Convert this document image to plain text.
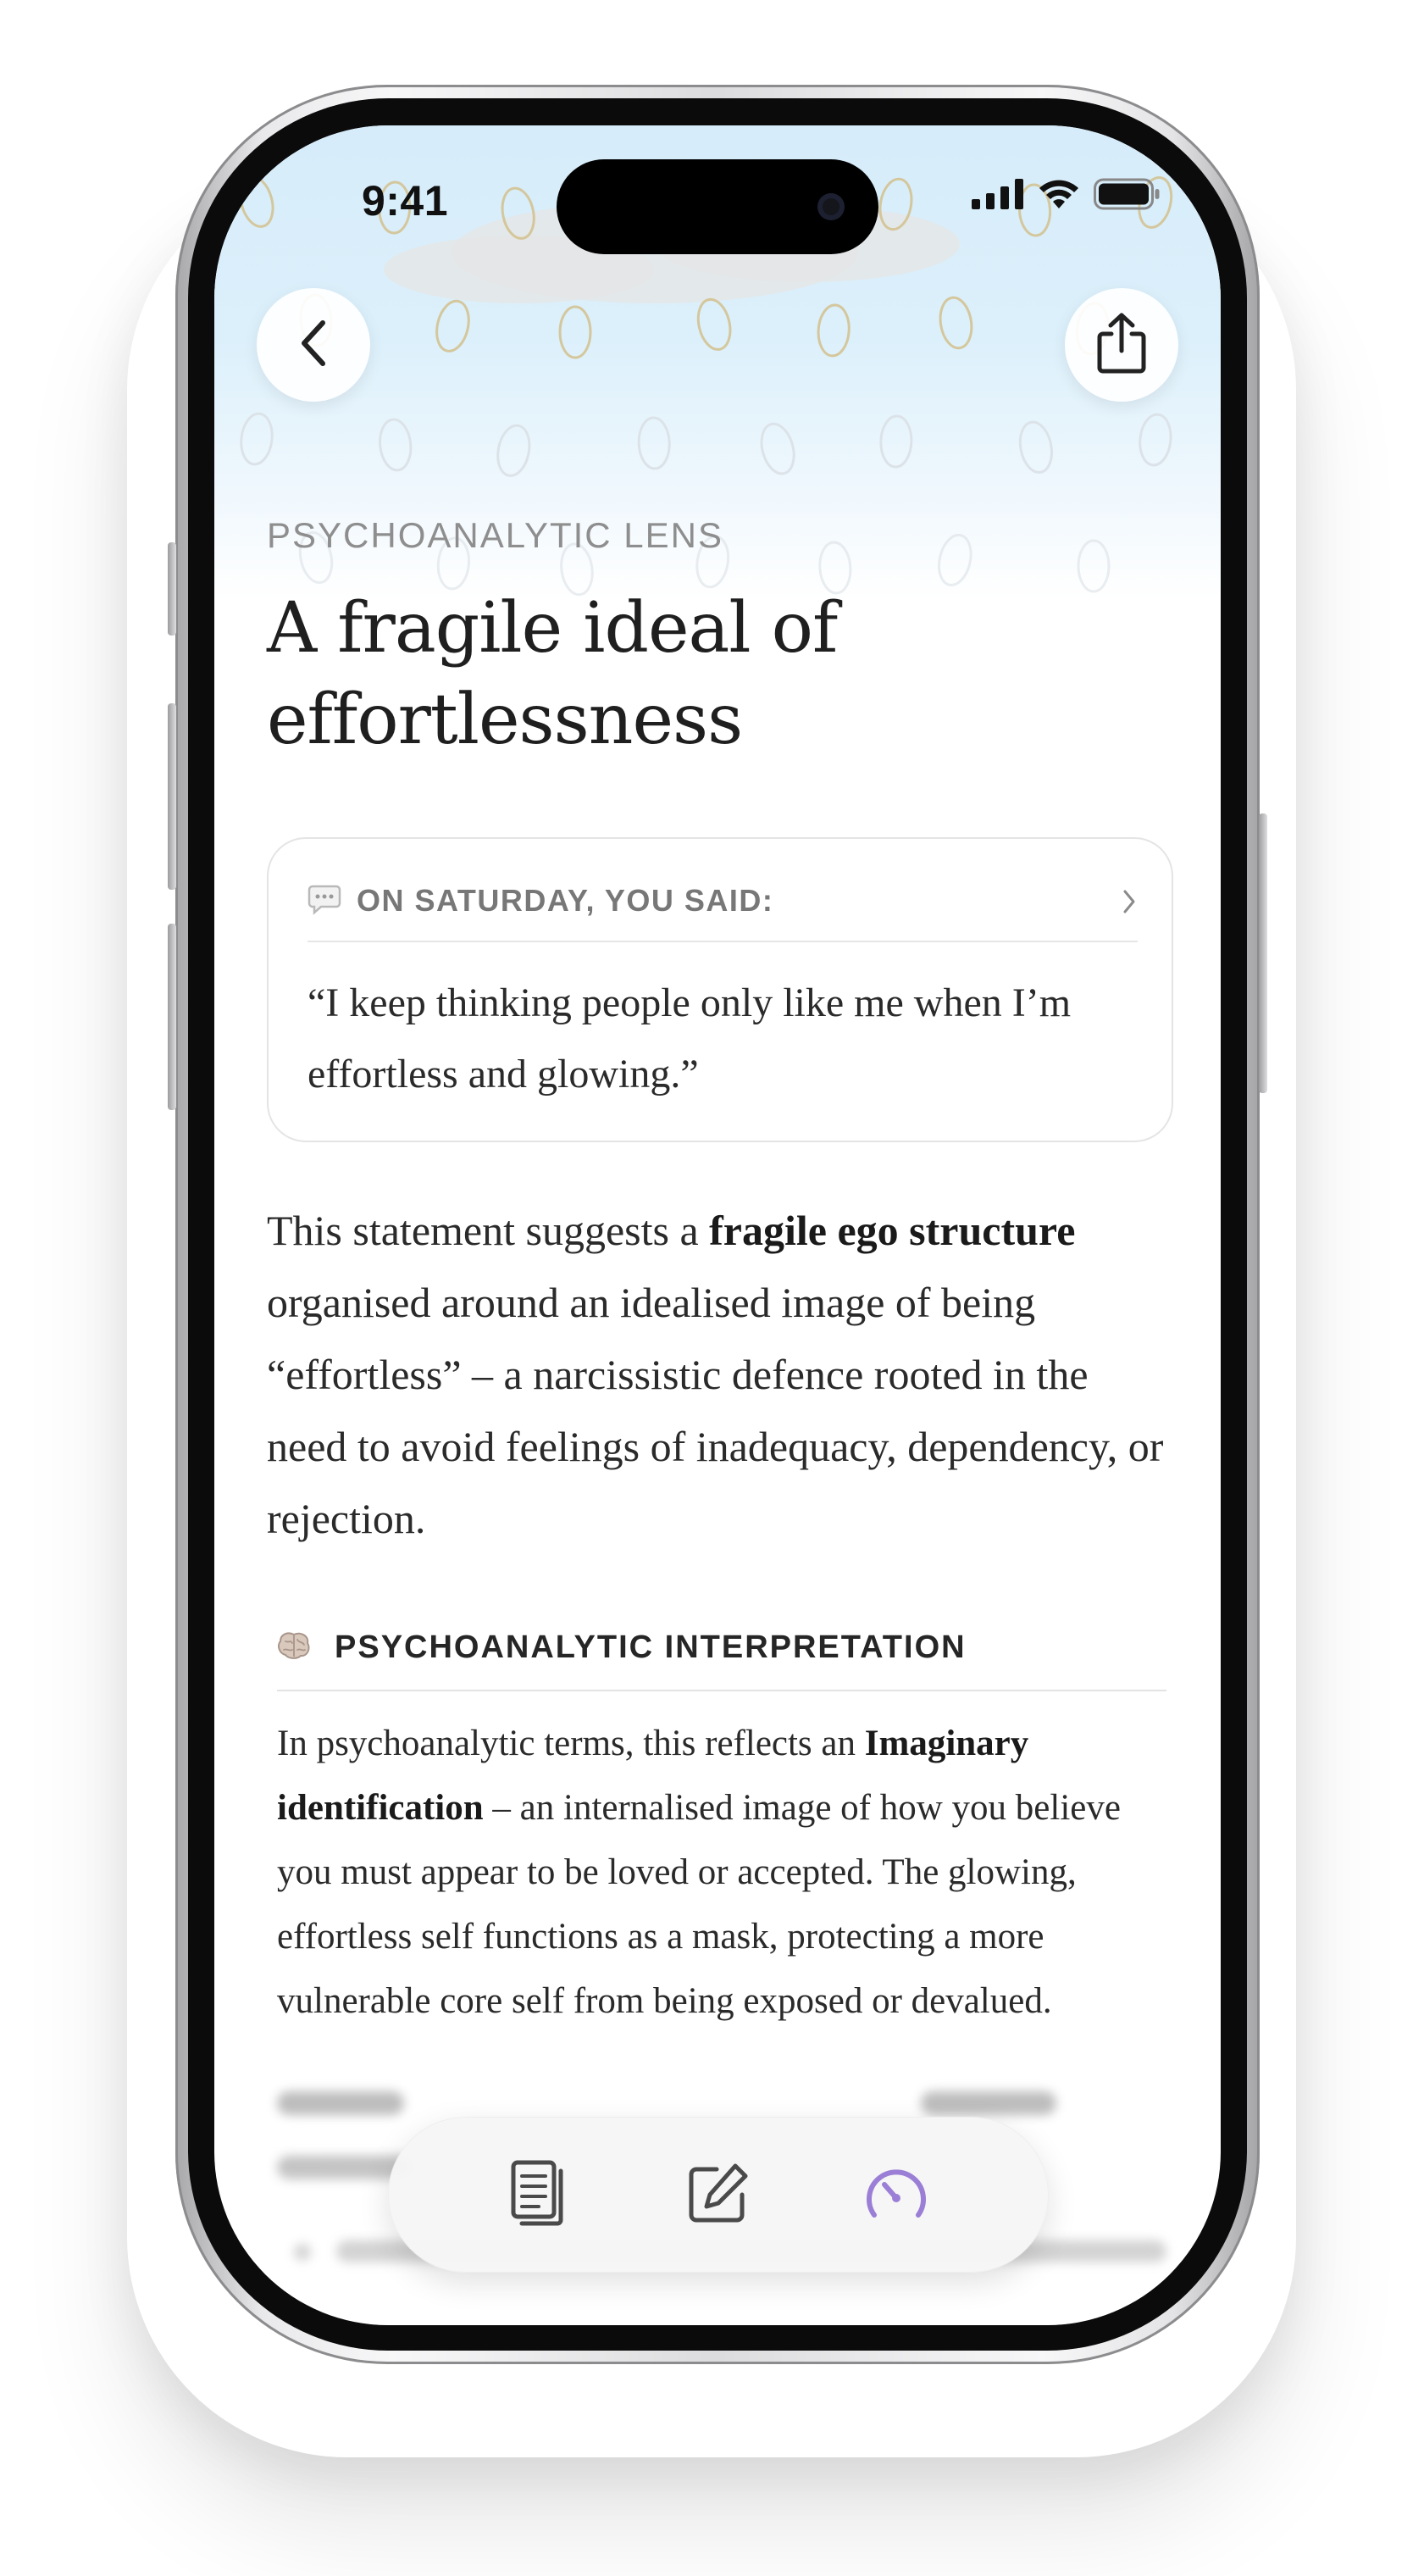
9:41
PSYCHOANALYTIC LENS
A fragile ideal of
effortlessness
ON SATURDAY, YOU SAID:
“I keep thinking people only like me when I’m effortless and glowing.”
This statement suggests a fragile ego structure organised around an idealised image of being “effortless” – a narcissistic defence rooted in the need to avoid feelings of inadequacy, dependency, or rejection.
PSYCHOANALYTIC INTERPRETATION
In psychoanalytic terms, this reflects an Imaginary identification – an internalised image of how you believe you must appear to be loved or accepted. The glowing, effortless self functions as a mask, protecting a more vulnerable core self from being exposed or devalued.
